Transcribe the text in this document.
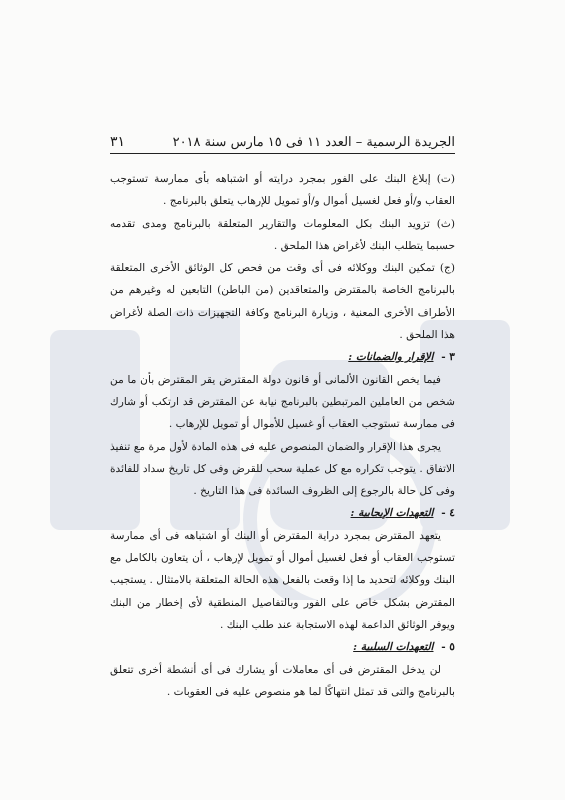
الجريدة الرسمية – العدد ١١ فى ١٥ مارس سنة ٢٠١٨
٣١

(ت) إبلاغ البنك على الفور بمجرد درايته أو اشتباهه بأى ممارسة تستوجب العقاب و/أو فعل لغسيل أموال و/أو تمويل للإرهاب يتعلق بالبرنامج .

(ث) تزويد البنك بكل المعلومات والتقارير المتعلقة بالبرنامج ومدى تقدمه حسبما يتطلب البنك لأغراض هذا الملحق .

(ج) تمكين البنك ووكلائه فى أى وقت من فحص كل الوثائق الأخرى المتعلقة بالبرنامج الخاصة بالمقترض والمتعاقدين (من الباطن) التابعين له وغيرهم من الأطراف الأخرى المعنية ، وزيارة البرنامج وكافة التجهيزات ذات الصلة لأغراض هذا الملحق .

٣ - الإقرار والضمانات :

فيما يخص القانون الألمانى أو قانون دولة المقترض يقر المقترض بأن ما من شخص من العاملين المرتبطين بالبرنامج نيابة عن المقترض قد ارتكب أو شارك فى ممارسة تستوجب العقاب أو غسيل للأموال أو تمويل للإرهاب .

يجرى هذا الإقرار والضمان المنصوص عليه فى هذه المادة لأول مرة مع تنفيذ الاتفاق . يتوجب تكراره مع كل عملية سحب للقرض وفى كل تاريخ سداد للفائدة وفى كل حالة بالرجوع إلى الظروف السائدة فى هذا التاريخ .

٤ - التعهدات الإيجابية :

يتعهد المقترض بمجرد دراية المقترض أو البنك أو اشتباهه فى أى ممارسة تستوجب العقاب أو فعل لغسيل أموال أو تمويل لإرهاب ، أن يتعاون بالكامل مع البنك ووكلائه لتحديد ما إذا وقعت بالفعل هذه الحالة المتعلقة بالامتثال . يستجيب المقترض بشكل خاص على الفور وبالتفاصيل المنطقية لأى إخطار من البنك ويوفر الوثائق الداعمة لهذه الاستجابة عند طلب البنك .

٥ - التعهدات السلبية :

لن يدخل المقترض فى أى معاملات أو يشارك فى أى أنشطة أخرى تتعلق بالبرنامج والتى قد تمثل انتهاكًا لما هو منصوص عليه فى العقوبات .
